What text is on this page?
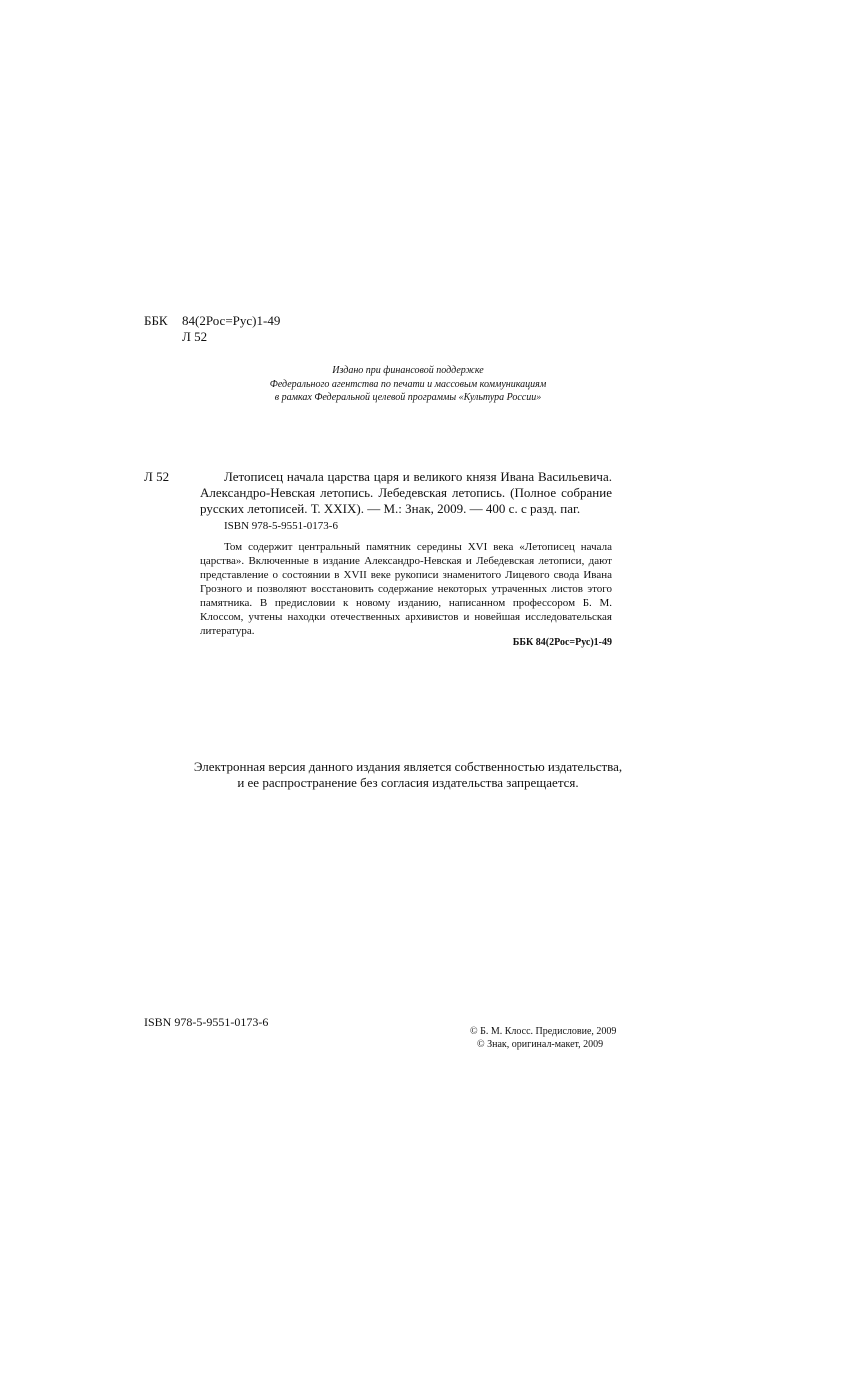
ББК	84(2Рос=Рус)1-49
Л 52
Издано при финансовой поддержке
Федерального агентства по печати и массовым коммуникациям
в рамках Федеральной целевой программы «Культура России»
Л 52	Летописец начала царства царя и великого князя Ивана Васильевича. Александро-Невская летопись. Лебедевская летопись. (Полное собрание русских летописей. Т. XXIX). — М.: Знак, 2009. — 400 с. с разд. паг.
ISBN 978-5-9551-0173-6
Том содержит центральный памятник середины XVI века «Летописец начала царства». Включенные в издание Александро-Невская и Лебедевская летописи, дают представление о состоянии в XVII веке рукописи знаменитого Лицевого свода Ивана Грозного и позволяют восстановить содержание некоторых утраченных листов этого памятника. В предисловии к новому изданию, написанном профессором Б. М. Клоссом, учтены находки отечественных архивистов и новейшая исследовательская литература.
ББК 84(2Рос=Рус)1-49
Электронная версия данного издания является собственностью издательства,
и ее распространение без согласия издательства запрещается.
ISBN 978-5-9551-0173-6
© Б. М. Клосс. Предисловие, 2009
© Знак, оригинал-макет, 2009
